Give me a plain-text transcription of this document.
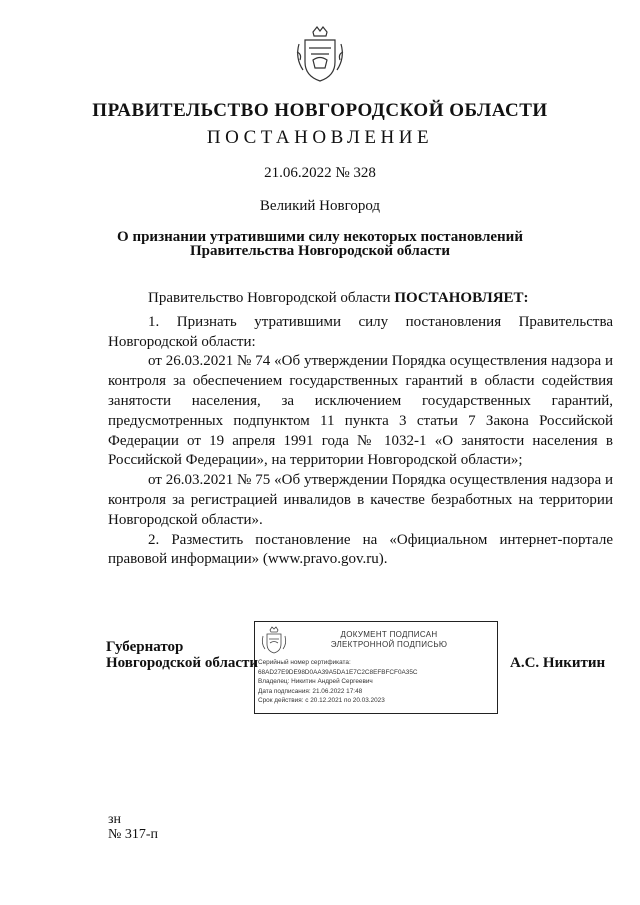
ПРАВИТЕЛЬСТВО НОВГОРОДСКОЙ ОБЛАСТИ
ПОСТАНОВЛЕНИЕ
21.06.2022 № 328
Великий Новгород
О признании утратившими силу некоторых постановлений
Правительства Новгородской области

Правительство Новгородской области ПОСТАНОВЛЯЕТ:

1. Признать утратившими силу постановления Правительства Новгородской области:

от 26.03.2021 № 74 «Об утверждении Порядка осуществления надзора и контроля за обеспечением государственных гарантий в области содействия занятости населения, за исключением государственных гарантий, предусмотренных подпунктом 11 пункта 3 статьи 7 Закона Российской Федерации от 19 апреля 1991 года № 1032-1 «О занятости населения в Российской Федерации», на территории Новгородской области»;

от 26.03.2021 № 75 «Об утверждении Порядка осуществления надзора и контроля за регистрацией инвалидов в качестве безработных на территории Новгородской области».

2. Разместить постановление на «Официальном интернет-портале правовой информации» (www.pravo.gov.ru).

Губернатор
Новгородской области
ДОКУМЕНТ ПОДПИСАН
ЭЛЕКТРОННОЙ ПОДПИСЬЮ
Серийный номер сертификата:
68AD27E9DE98D0AA39A5DA1E7C2C8EFBFCF0A35C
Владелец: Никитин Андрей Сергеевич
Дата подписания: 21.06.2022 17:48
Срок действия: с 20.12.2021 по 20.03.2023
А.С. Никитин
зн
№ 317-п
